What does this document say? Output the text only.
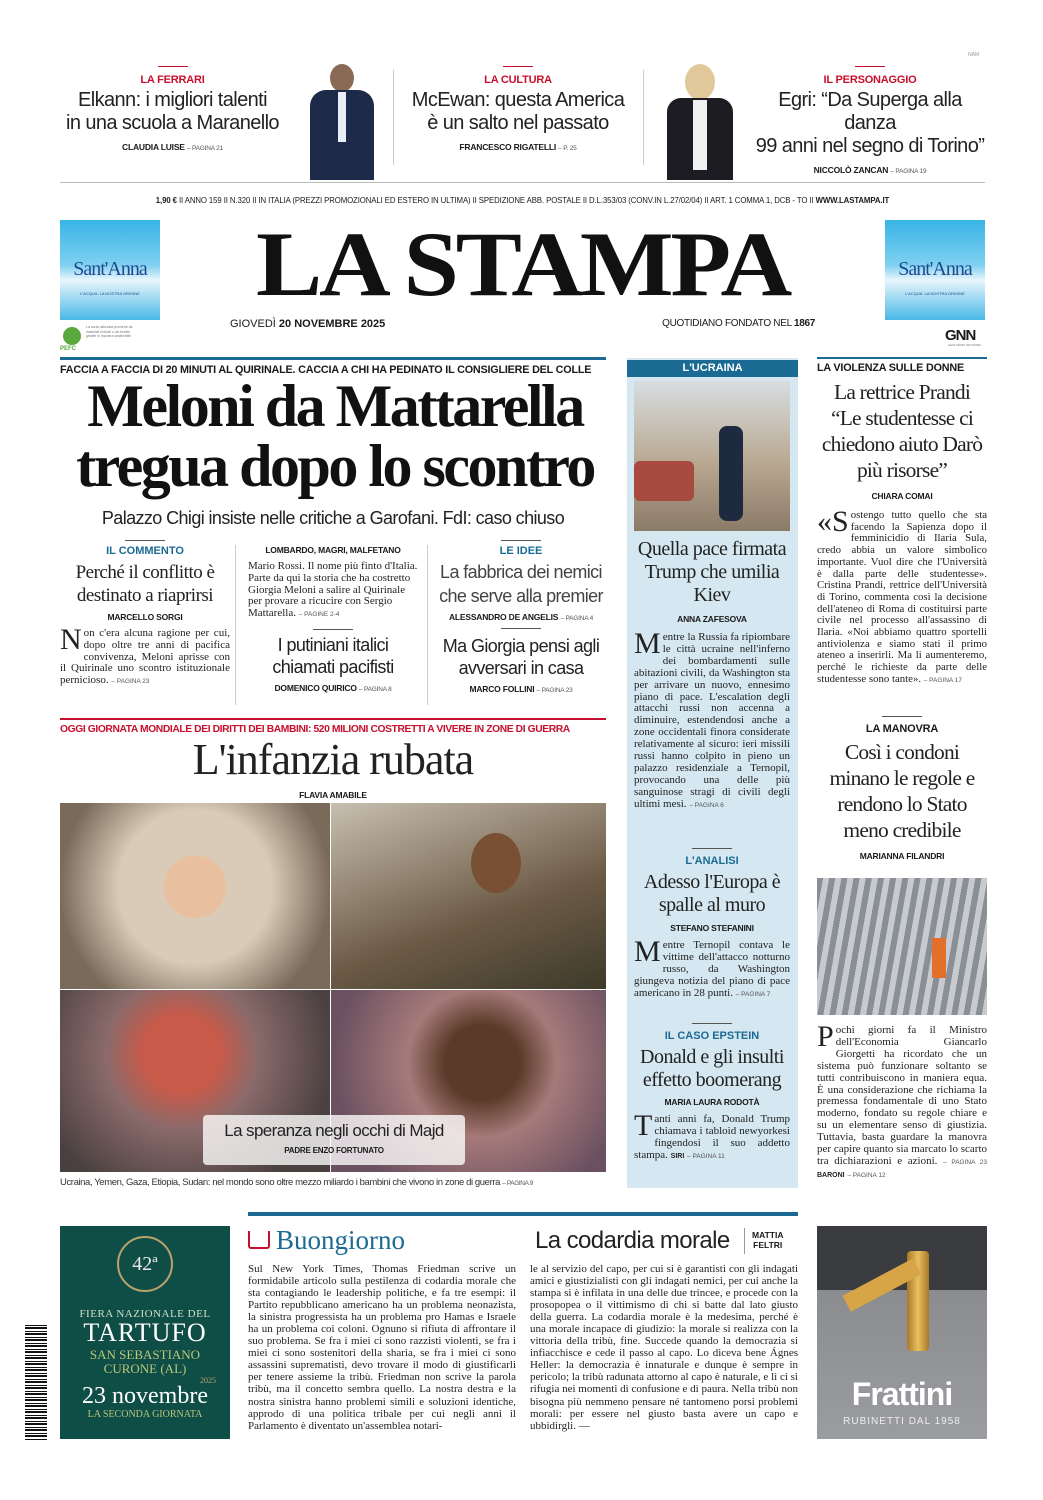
NAM
LA FERRARI
Elkann: i migliori talenti
in una scuola a Maranello
CLAUDIA LUISE – PAGINA 21
LA CULTURA
McEwan: questa America
è un salto nel passato
FRANCESCO RIGATELLI – P. 25
IL PERSONAGGIO
Egri: “Da Superga alla danza
99 anni nel segno di Torino”
NICCOLÒ ZANCAN – PAGINA 19
1,90 € II ANNO 159 II N.320 II IN ITALIA (PREZZI PROMOZIONALI ED ESTERO IN ULTIMA) II SPEDIZIONE ABB. POSTALE II D.L.353/03 (CONV.IN L.27/02/04) II ART. 1 COMMA 1, DCB - TO II WWW.LASTAMPA.IT
Sant'Anna
L'ACQUA. LA NOSTRA ORIGINE
Sant'Anna
L'ACQUA. LA NOSTRA ORIGINE
PEFC
La carta utilizzata proviene da materiali riciclati o da foreste gestite in maniera sostenibile
LA STAMPA
GIOVEDÌ 20 NOVEMBRE 2025	QUOTIDIANO FONDATO NEL 1867
GNN
GEDI NEWS NETWORK
FACCIA A FACCIA DI 20 MINUTI AL QUIRINALE. CACCIA A CHI HA PEDINATO IL CONSIGLIERE DEL COLLE
Meloni da Mattarella
tregua dopo lo scontro
Palazzo Chigi insiste nelle critiche a Garofani. FdI: caso chiuso
IL COMMENTO
Perché il conflitto è destinato a riaprirsi
MARCELLO SORGI
Non c'era alcuna ragione per cui, dopo oltre tre anni di pacifica convivenza, Meloni aprisse con il Quirinale uno scontro istituzionale pernicioso. – PAGINA 23
LOMBARDO, MAGRI, MALFETANO
Mario Rossi. Il nome più finto d'Italia. Parte da qui la storia che ha costretto Giorgia Meloni a salire al Quirinale per provare a ricucire con Sergio Mattarella. – PAGINE 2-4
I putiniani italici chiamati pacifisti
DOMENICO QUIRICO – PAGINA 8
LE IDEE
La fabbrica dei nemici che serve alla premier
ALESSANDRO DE ANGELIS – PAGINA 4
Ma Giorgia pensi agli avversari in casa
MARCO FOLLINI – PAGINA 23
OGGI GIORNATA MONDIALE DEI DIRITTI DEI BAMBINI: 520 MILIONI COSTRETTI A VIVERE IN ZONE DI GUERRA
L'infanzia rubata
FLAVIA AMABILE
La speranza negli occhi di Majd
PADRE ENZO FORTUNATO
Ucraina, Yemen, Gaza, Etiopia, Sudan: nel mondo sono oltre mezzo miliardo i bambini che vivono in zone di guerra – PAGINA 9
L'UCRAINA
Quella pace firmata Trump che umilia Kiev
ANNA ZAFESOVA
Mentre la Russia fa ripiombare le città ucraine nell'inferno dei bombardamenti sulle abitazioni civili, da Washington sta per arrivare un nuovo, ennesimo piano di pace. L'escalation degli attacchi russi non accenna a diminuire, estendendosi anche a zone occidentali finora considerate relativamente al sicuro: ieri missili russi hanno colpito in pieno un palazzo residenziale a Ternopil, provocando una delle più sanguinose stragi di civili degli ultimi mesi. – PAGINA 6
L'ANALISI
Adesso l'Europa è spalle al muro
STEFANO STEFANINI
Mentre Ternopil contava le vittime dell'attacco notturno russo, da Washington giungeva notizia del piano di pace americano in 28 punti. – PAGINA 7
IL CASO EPSTEIN
Donald e gli insulti effetto boomerang
MARIA LAURA RODOTÀ
Tanti anni fa, Donald Trump chiamava i tabloid newyorkesi fingendosi il suo addetto stampa. SIRI – PAGINA 11
LA VIOLENZA SULLE DONNE
La rettrice Prandi “Le studentesse ci chiedono aiuto Darò più risorse”
CHIARA COMAI
«Sostengo tutto quello che sta facendo la Sapienza dopo il femminicidio di Ilaria Sula, credo abbia un valore simbolico importante. Vuol dire che l'Università è dalla parte delle studentesse». Cristina Prandi, rettrice dell'Università di Torino, commenta così la decisione dell'ateneo di Roma di costituirsi parte civile nel processo all'assassino di Ilaria. «Noi abbiamo quattro sportelli antiviolenza e siamo stati il primo ateneo a inserirli. Ma li aumenteremo, perché le richieste da parte delle studentesse sono tante». – PAGINA 17
LA MANOVRA
Così i condoni minano le regole e rendono lo Stato meno credibile
MARIANNA FILANDRI
Pochi giorni fa il Ministro dell'Economia Giancarlo Giorgetti ha ricordato che un sistema può funzionare soltanto se tutti contribuiscono in maniera equa. È una considerazione che richiama la premessa fondamentale di uno Stato moderno, fondato su regole chiare e su un elementare senso di giustizia. Tuttavia, basta guardare la manovra per capire quanto sia marcato lo scarto tra dichiarazioni e azioni. – PAGINA 23 BARONI – PAGINA 12
42ª
FIERA NAZIONALE DEL
TARTUFO
SAN SEBASTIANO
CURONE (AL)
2025
23 novembre
LA SECONDA GIORNATA
Buongiorno	La codardia morale	MATTIA
FELTRI
Sul New York Times, Thomas Friedman scrive un formidabile articolo sulla pestilenza di codardia morale che sta contagiando le leadership politiche, e fa tre esempi: il Partito repubblicano americano ha un problema neonazista, la sinistra progressista ha un problema pro Hamas e Israele ha un problema coi coloni. Ognuno si rifiuta di affrontare il suo problema. Se fra i miei ci sono razzisti violenti, se fra i miei ci sono sostenitori della sharia, se fra i miei ci sono assassini suprematisti, devo trovare il modo di giustificarli per tenere assieme la tribù. Friedman non scrive la parola tribù, ma il concetto sembra quello. La nostra destra e la nostra sinistra hanno problemi simili e soluzioni identiche, approdo di una politica tribale per cui negli anni il Parlamento è diventato un'assemblea notari-
le al servizio del capo, per cui si è garantisti con gli indagati amici e giustizialisti con gli indagati nemici, per cui anche la stampa si è infilata in una delle due trincee, e procede con la prosopopea o il vittimismo di chi si batte dal lato giusto della guerra. La codardia morale è la medesima, perché è una morale incapace di giudizio: la morale si realizza con la vittoria della tribù, fine. Succede quando la democrazia si infiacchisce e cede il passo al capo. Lo diceva bene Ágnes Heller: la democrazia è innaturale e dunque è sempre in pericolo; la tribù radunata attorno al capo è naturale, e lì ci si rifugia nei momenti di confusione e di paura. Nella tribù non bisogna più nemmeno pensare né tantomeno porsi problemi morali: per essere nel giusto basta avere un capo e ubbidirgli. —
Frattini
RUBINETTI DAL 1958
